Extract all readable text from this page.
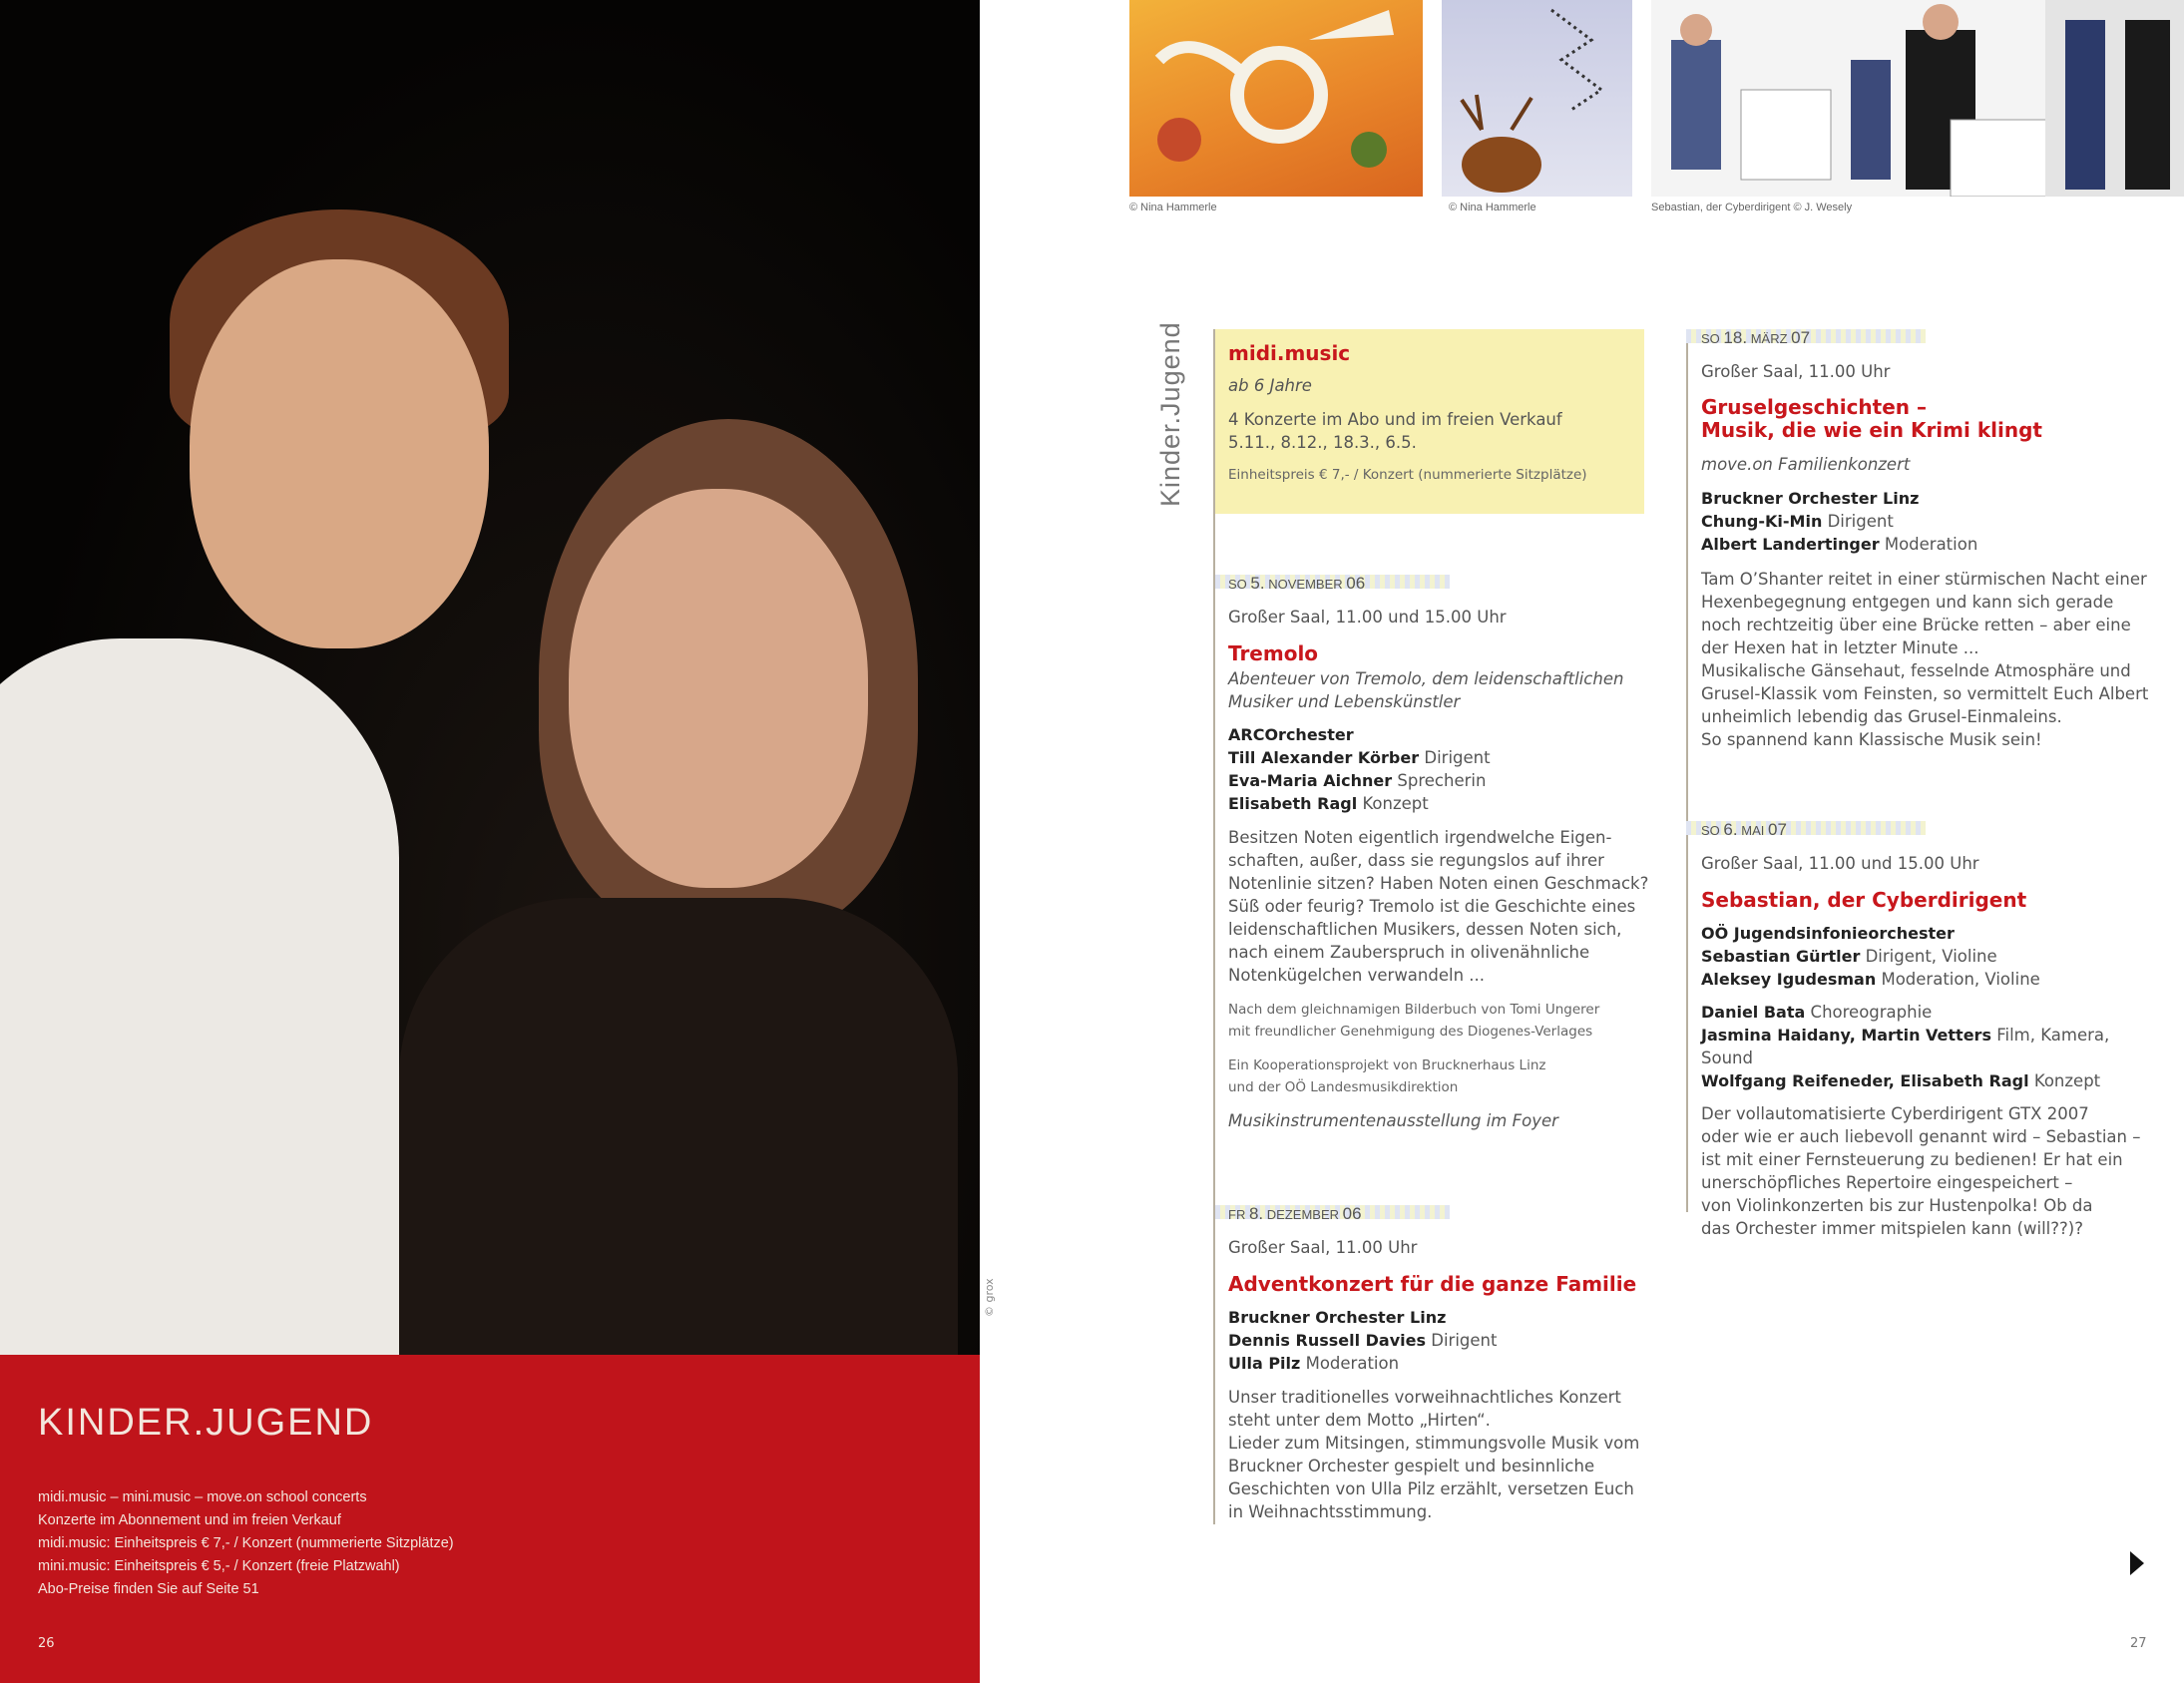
KINDER.JUGEND
midi.music – mini.music – move.on school concerts
Konzerte im Abonnement und im freien Verkauf
midi.music: Einheitspreis € 7,- / Konzert (nummerierte Sitzplätze)
mini.music: Einheitspreis € 5,- / Konzert (freie Platzwahl)
Abo-Preise finden Sie auf Seite 51
26
© grox
© Nina Hammerle	© Nina Hammerle	Sebastian, der Cyberdirigent © J. Wesely
Kinder.Jugend midi.music

ab 6 Jahre

4 Konzerte im Abo und im freien Verkauf

5.11., 8.12., 18.3., 6.5.

Einheitspreis € 7,- / Konzert (nummerierte Sitzplätze)

SO 5. NOVEMBER 06

Großer Saal, 11.00 und 15.00 Uhr

Tremolo

Abenteuer von Tremolo, dem leidenschaftlichen

Musiker und Lebenskünstler

ARCOrchester

Till Alexander Körber Dirigent

Eva-Maria Aichner Sprecherin

Elisabeth Ragl Konzept

Besitzen Noten eigentlich irgendwelche Eigen-

schaften, außer, dass sie regungslos auf ihrer

Notenlinie sitzen? Haben Noten einen Geschmack?

Süß oder feurig? Tremolo ist die Geschichte eines

leidenschaftlichen Musikers, dessen Noten sich,

nach einem Zauberspruch in olivenähnliche

Notenkügelchen verwandeln ...

Nach dem gleichnamigen Bilderbuch von Tomi Ungerer

mit freundlicher Genehmigung des Diogenes-Verlages

Ein Kooperationsprojekt von Brucknerhaus Linz

und der OÖ Landesmusikdirektion

Musikinstrumentenausstellung im Foyer

FR 8. DEZEMBER 06

Großer Saal, 11.00 Uhr

Adventkonzert für die ganze Familie

Bruckner Orchester Linz

Dennis Russell Davies Dirigent

Ulla Pilz Moderation

Unser traditionelles vorweihnachtliches Konzert

steht unter dem Motto „Hirten“.

Lieder zum Mitsingen, stimmungsvolle Musik vom

Bruckner Orchester gespielt und besinnliche

Geschichten von Ulla Pilz erzählt, versetzen Euch

in Weihnachtsstimmung.

SO 18. MÄRZ 07

Großer Saal, 11.00 Uhr

Gruselgeschichten –

Musik, die wie ein Krimi klingt

move.on Familienkonzert

Bruckner Orchester Linz

Chung-Ki-Min Dirigent

Albert Landertinger Moderation

Tam O’Shanter reitet in einer stürmischen Nacht einer

Hexenbegegnung entgegen und kann sich gerade

noch rechtzeitig über eine Brücke retten – aber eine

der Hexen hat in letzter Minute ...

Musikalische Gänsehaut, fesselnde Atmosphäre und

Grusel-Klassik vom Feinsten, so vermittelt Euch Albert

unheimlich lebendig das Grusel-Einmaleins.

So spannend kann Klassische Musik sein!

SO 6. MAI 07

Großer Saal, 11.00 und 15.00 Uhr

Sebastian, der Cyberdirigent

OÖ Jugendsinfonieorchester

Sebastian Gürtler Dirigent, Violine

Aleksey Igudesman Moderation, Violine

Daniel Bata Choreographie

Jasmina Haidany, Martin Vetters Film, Kamera, Sound

Wolfgang Reifeneder, Elisabeth Ragl Konzept

Der vollautomatisierte Cyberdirigent GTX 2007

oder wie er auch liebevoll genannt wird – Sebastian –

ist mit einer Fernsteuerung zu bedienen! Er hat ein

unerschöpfliches Repertoire eingespeichert –

von Violinkonzerten bis zur Hustenpolka! Ob da

das Orchester immer mitspielen kann (will??)?

27
